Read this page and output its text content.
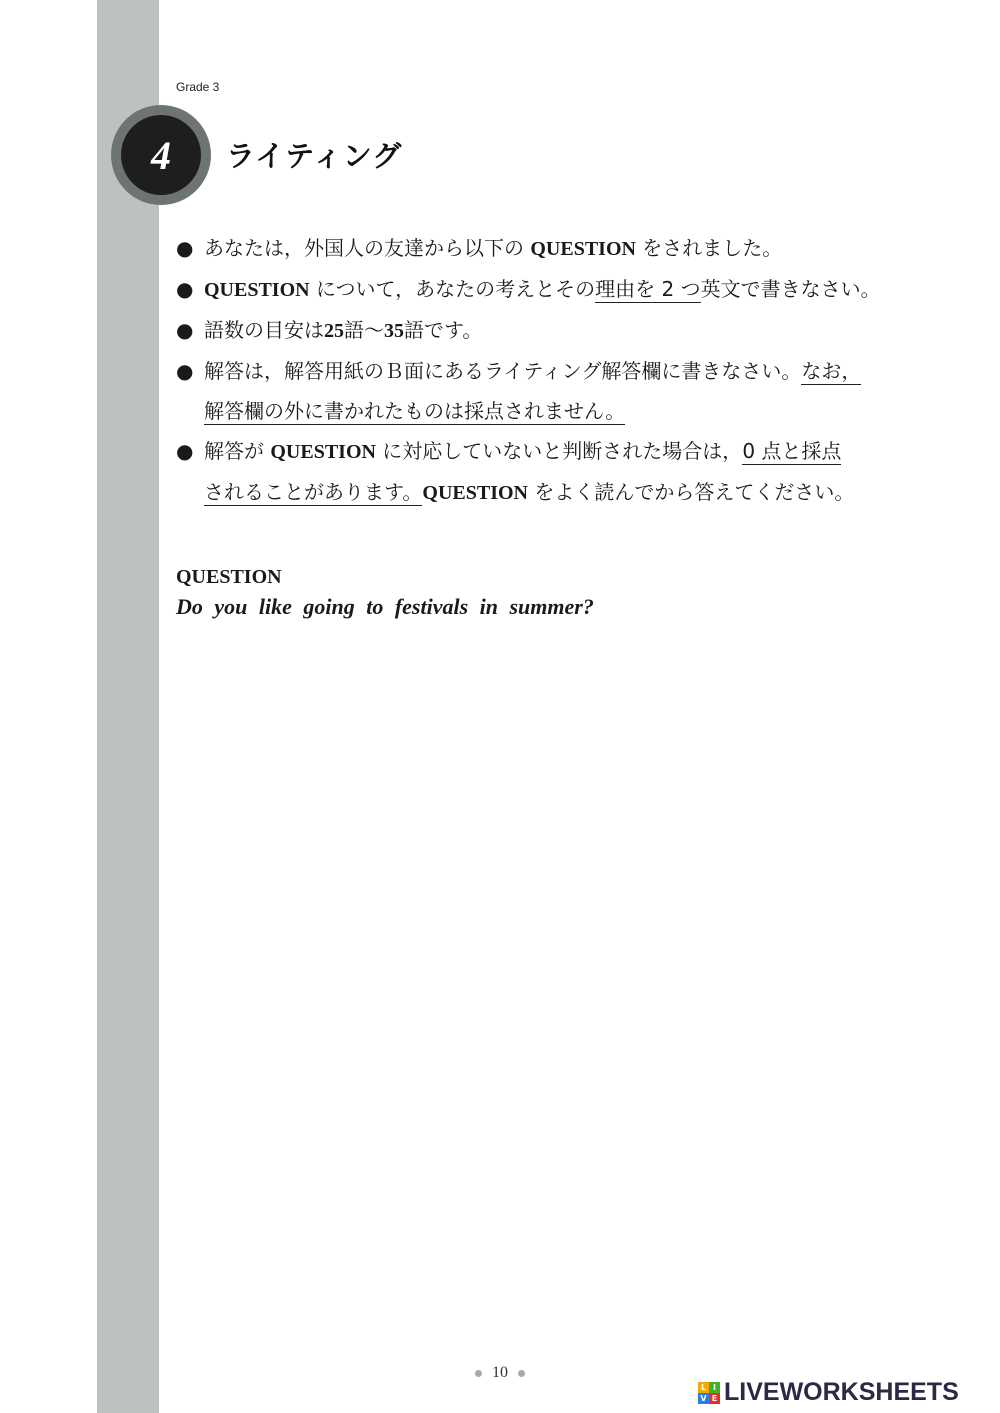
Grade 3
4	ライティング
● あなたは，外国人の友達から以下の QUESTION をされました。
● QUESTION について，あなたの考えとその理由を 2 つ英文で書きなさい。
● 語数の目安は25語～35語です。
● 解答は，解答用紙のＢ面にあるライティング解答欄に書きなさい。なお，
解答欄の外に書かれたものは採点されません。
● 解答が QUESTION に対応していないと判断された場合は，0 点と採点
されることがあります。QUESTION をよく読んでから答えてください。
QUESTION
Do you like going to festivals in summer?
10
L I
V E LIVEWORKSHEETS
